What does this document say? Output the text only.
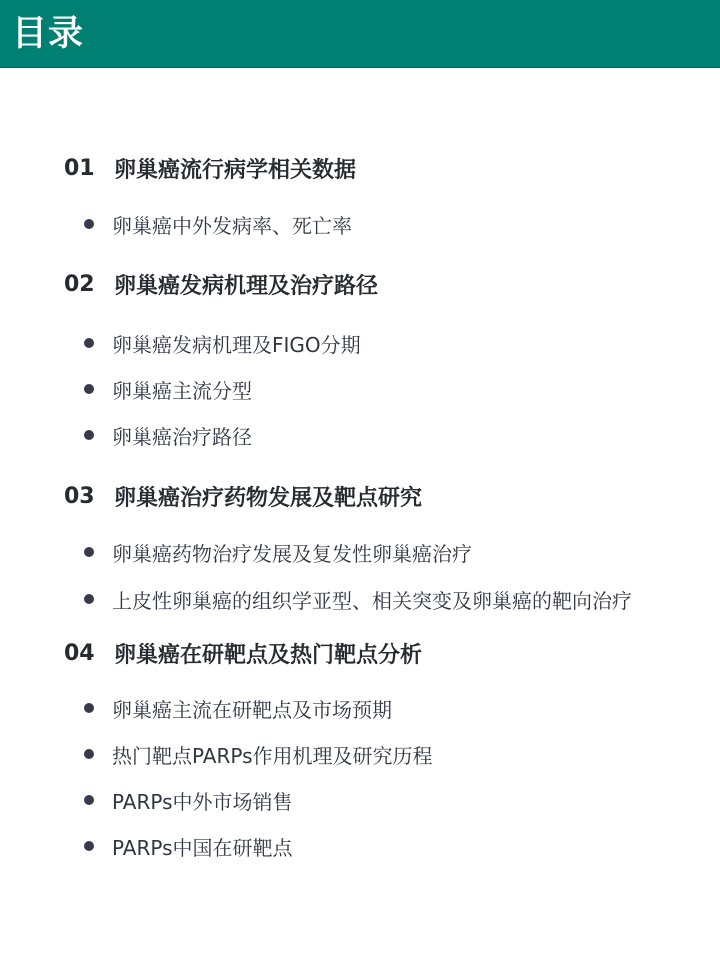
目录
01 卵巢癌流行病学相关数据
卵巢癌中外发病率、死亡率
02 卵巢癌发病机理及治疗路径
卵巢癌发病机理及FIGO分期
卵巢癌主流分型
卵巢癌治疗路径
03 卵巢癌治疗药物发展及靶点研究
卵巢癌药物治疗发展及复发性卵巢癌治疗
上皮性卵巢癌的组织学亚型、相关突变及卵巢癌的靶向治疗
04 卵巢癌在研靶点及热门靶点分析
卵巢癌主流在研靶点及市场预期
热门靶点PARPs作用机理及研究历程
PARPs中外市场销售
PARPs中国在研靶点
